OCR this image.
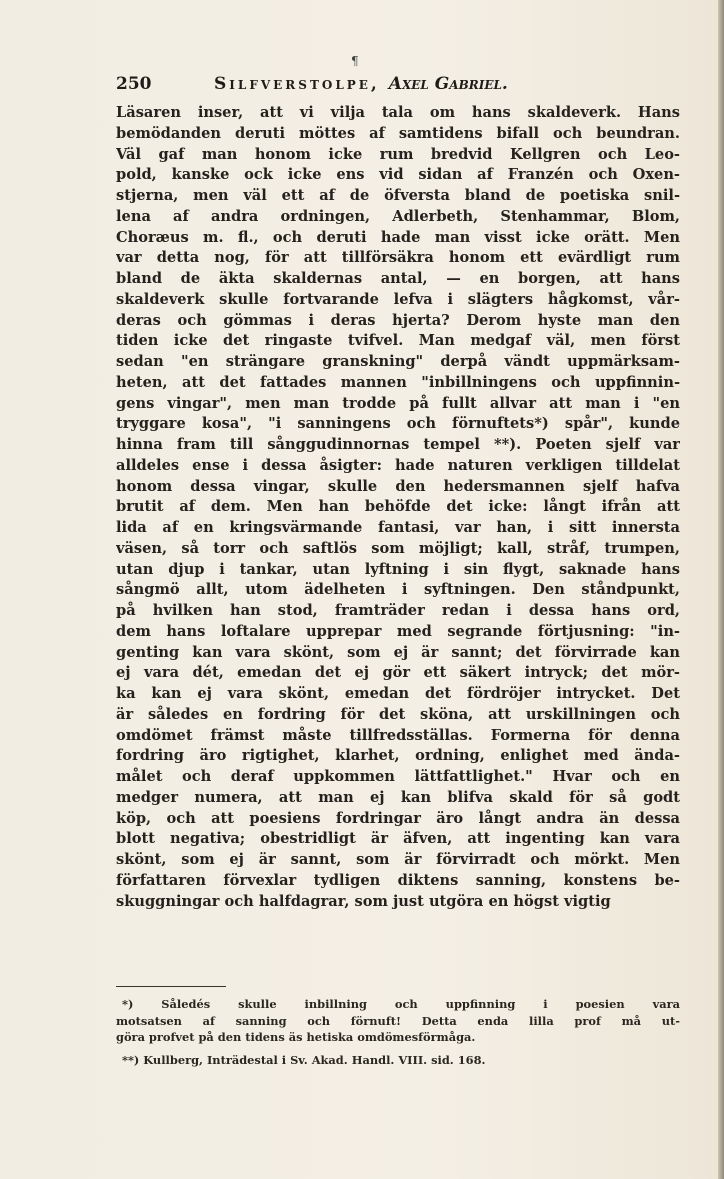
¶
250	Silfverstolpe, Axel Gabriel.
Läsaren inser, att vi vilja tala om hans skaldeverk. Hans
bemödanden deruti möttes af samtidens bifall och beundran.
Väl gaf man honom icke rum bredvid Kellgren och Leo-
pold, kanske ock icke ens vid sidan af Franzén och Oxen-
stjerna, men väl ett af de öfversta bland de poetiska snil-
lena af andra ordningen, Adlerbeth, Stenhammar, Blom,
Choræus m. fl., och deruti hade man visst icke orätt. Men
var detta nog, för att tillförsäkra honom ett evärdligt rum
bland de äkta skaldernas antal, — en borgen, att hans
skaldeverk skulle fortvarande lefva i slägters hågkomst, vår-
deras och gömmas i deras hjerta? Derom hyste man den
tiden icke det ringaste tvifvel. Man medgaf väl, men först
sedan "en strängare granskning" derpå vändt uppmärksam-
heten, att det fattades mannen "inbillningens och uppfinnin-
gens vingar", men man trodde på fullt allvar att man i "en
tryggare kosa", "i sanningens och förnuftets*) spår", kunde
hinna fram till sånggudinnornas tempel **). Poeten sjelf var
alldeles ense i dessa åsigter: hade naturen verkligen tilldelat
honom dessa vingar, skulle den hedersmannen sjelf hafva
brutit af dem. Men han behöfde det icke: långt ifrån att
lida af en kringsvärmande fantasi, var han, i sitt innersta
väsen, så torr och saftlös som möjligt; kall, stråf, trumpen,
utan djup i tankar, utan lyftning i sin flygt, saknade hans
sångmö allt, utom ädelheten i syftningen. Den ståndpunkt,
på hvilken han stod, framträder redan i dessa hans ord,
dem hans loftalare upprepar med segrande förtjusning: "in-
genting kan vara skönt, som ej är sannt; det förvirrade kan
ej vara dét, emedan det ej gör ett säkert intryck; det mör-
ka kan ej vara skönt, emedan det fördröjer intrycket. Det
är således en fordring för det sköna, att urskillningen och
omdömet främst måste tillfredsställas. Formerna för denna
fordring äro rigtighet, klarhet, ordning, enlighet med ända-
målet och deraf uppkommen lättfattlighet." Hvar och en
medger numera, att man ej kan blifva skald för så godt
köp, och att poesiens fordringar äro långt andra än dessa
blott negativa; obestridligt är äfven, att ingenting kan vara
skönt, som ej är sannt, som är förvirradt och mörkt. Men
författaren förvexlar tydligen diktens sanning, konstens be-
skuggningar och halfdagrar, som just utgöra en högst vigtig
*) Såledés skulle inbillning och uppfinning i poesien vara
motsatsen af sanning och förnuft! Detta enda lilla prof må ut-
göra profvet på den tidens äs hetiska omdömesförmåga.
**) Kullberg, Inträdestal i Sv. Akad. Handl. VIII. sid. 168.
